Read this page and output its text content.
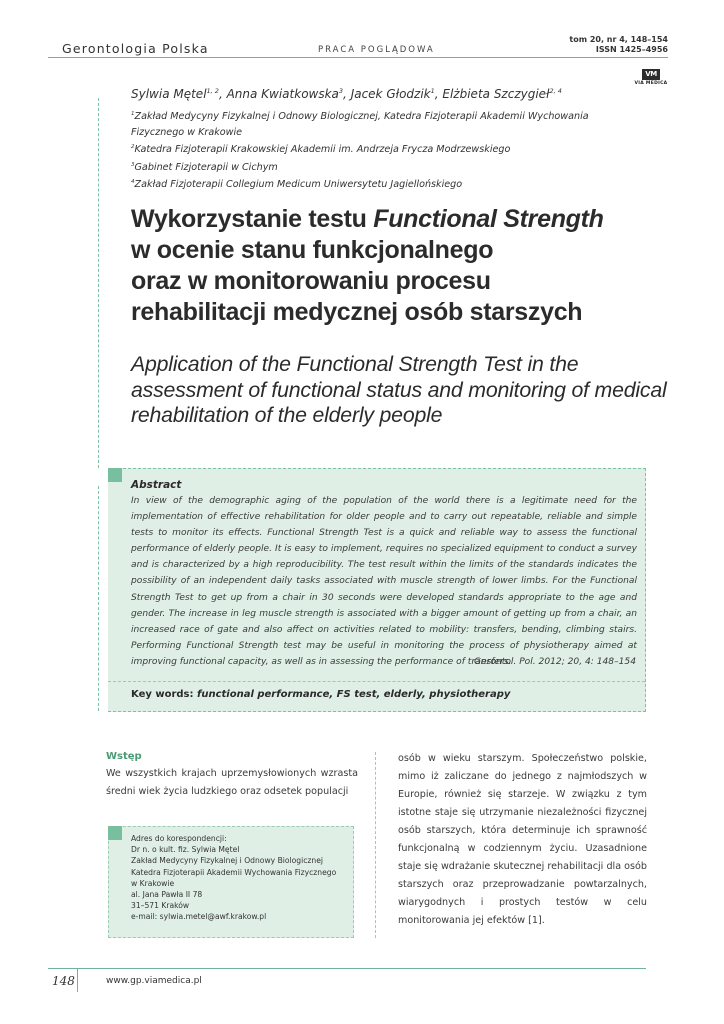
Gerontologia Polska	PRACA POGLĄDOWA
tom 20, nr 4, 148–154
ISSN 1425–4956
VM
VIA MEDICA
Sylwia Mętel$^{1, 2}$, Anna Kwiatkowska$^3$, Jacek Głodzik$^1$, Elżbieta Szczygieł$^{2, 4}$
$^1$Zakład Medycyny Fizykalnej i Odnowy Biologicznej, Katedra Fizjoterapii Akademii Wychowania Fizycznego w Krakowie
$^2$Katedra Fizjoterapii Krakowskiej Akademii im. Andrzeja Frycza Modrzewskiego
$^3$Gabinet Fizjoterapii w Cichym
$^4$Zakład Fizjoterapii Collegium Medicum Uniwersytetu Jagiellońskiego
Wykorzystanie testu Functional Strength
w ocenie stanu funkcjonalnego
oraz w monitorowaniu procesu
rehabilitacji medycznej osób starszych
Application of the Functional Strength Test in the assessment of functional status and monitoring of medical rehabilitation of the elderly people
Abstract
In view of the demographic aging of the population of the world there is a legitimate need for the implementation of effective rehabilitation for older people and to carry out repeatable, reliable and simple tests to monitor its effects. Functional Strength Test is a quick and reliable way to assess the functional performance of elderly people. It is easy to implement, requires no specialized equipment to conduct a survey and is characterized by a high reproducibility. The test result within the limits of the standards indicates the possibility of an independent daily tasks associated with muscle strength of lower limbs. For the Functional Strength Test to get up from a chair in 30 seconds were developed standards appropriate to the age and gender. The increase in leg muscle strength is associated with a bigger amount of getting up from a chair, an increased race of gate and also affect on activities related to mobility: transfers, bending, climbing stairs. Performing Functional Strength test may be useful in monitoring the process of physiotherapy aimed at improving functional capacity, as well as in assessing the performance of transfers.
Gerontol. Pol. 2012; 20, 4: 148–154
Key words: functional performance, FS test, elderly, physiotherapy
Wstęp
We wszystkich krajach uprzemysłowionych wzrasta średni wiek życia ludzkiego oraz odsetek populacji
osób w wieku starszym. Społeczeństwo polskie, mimo iż zaliczane do jednego z najmłodszych w Europie, również się starzeje. W związku z tym istotne staje się utrzymanie niezależności fizycznej osób starszych, która determinuje ich sprawność funkcjonalną w codziennym życiu. Uzasadnione staje się wdrażanie skutecznej rehabilitacji dla osób starszych oraz przeprowadzanie powtarzalnych, wiarygodnych i prostych testów w celu monitorowania jej efektów [1].
Adres do korespondencji:
Dr n. o kult. fiz. Sylwia Mętel
Zakład Medycyny Fizykalnej i Odnowy Biologicznej
Katedra Fizjoterapii Akademii Wychowania Fizycznego
w Krakowie
al. Jana Pawła II 78
31–571 Kraków
e-mail: sylwia.metel@awf.krakow.pl
148	www.gp.viamedica.pl
